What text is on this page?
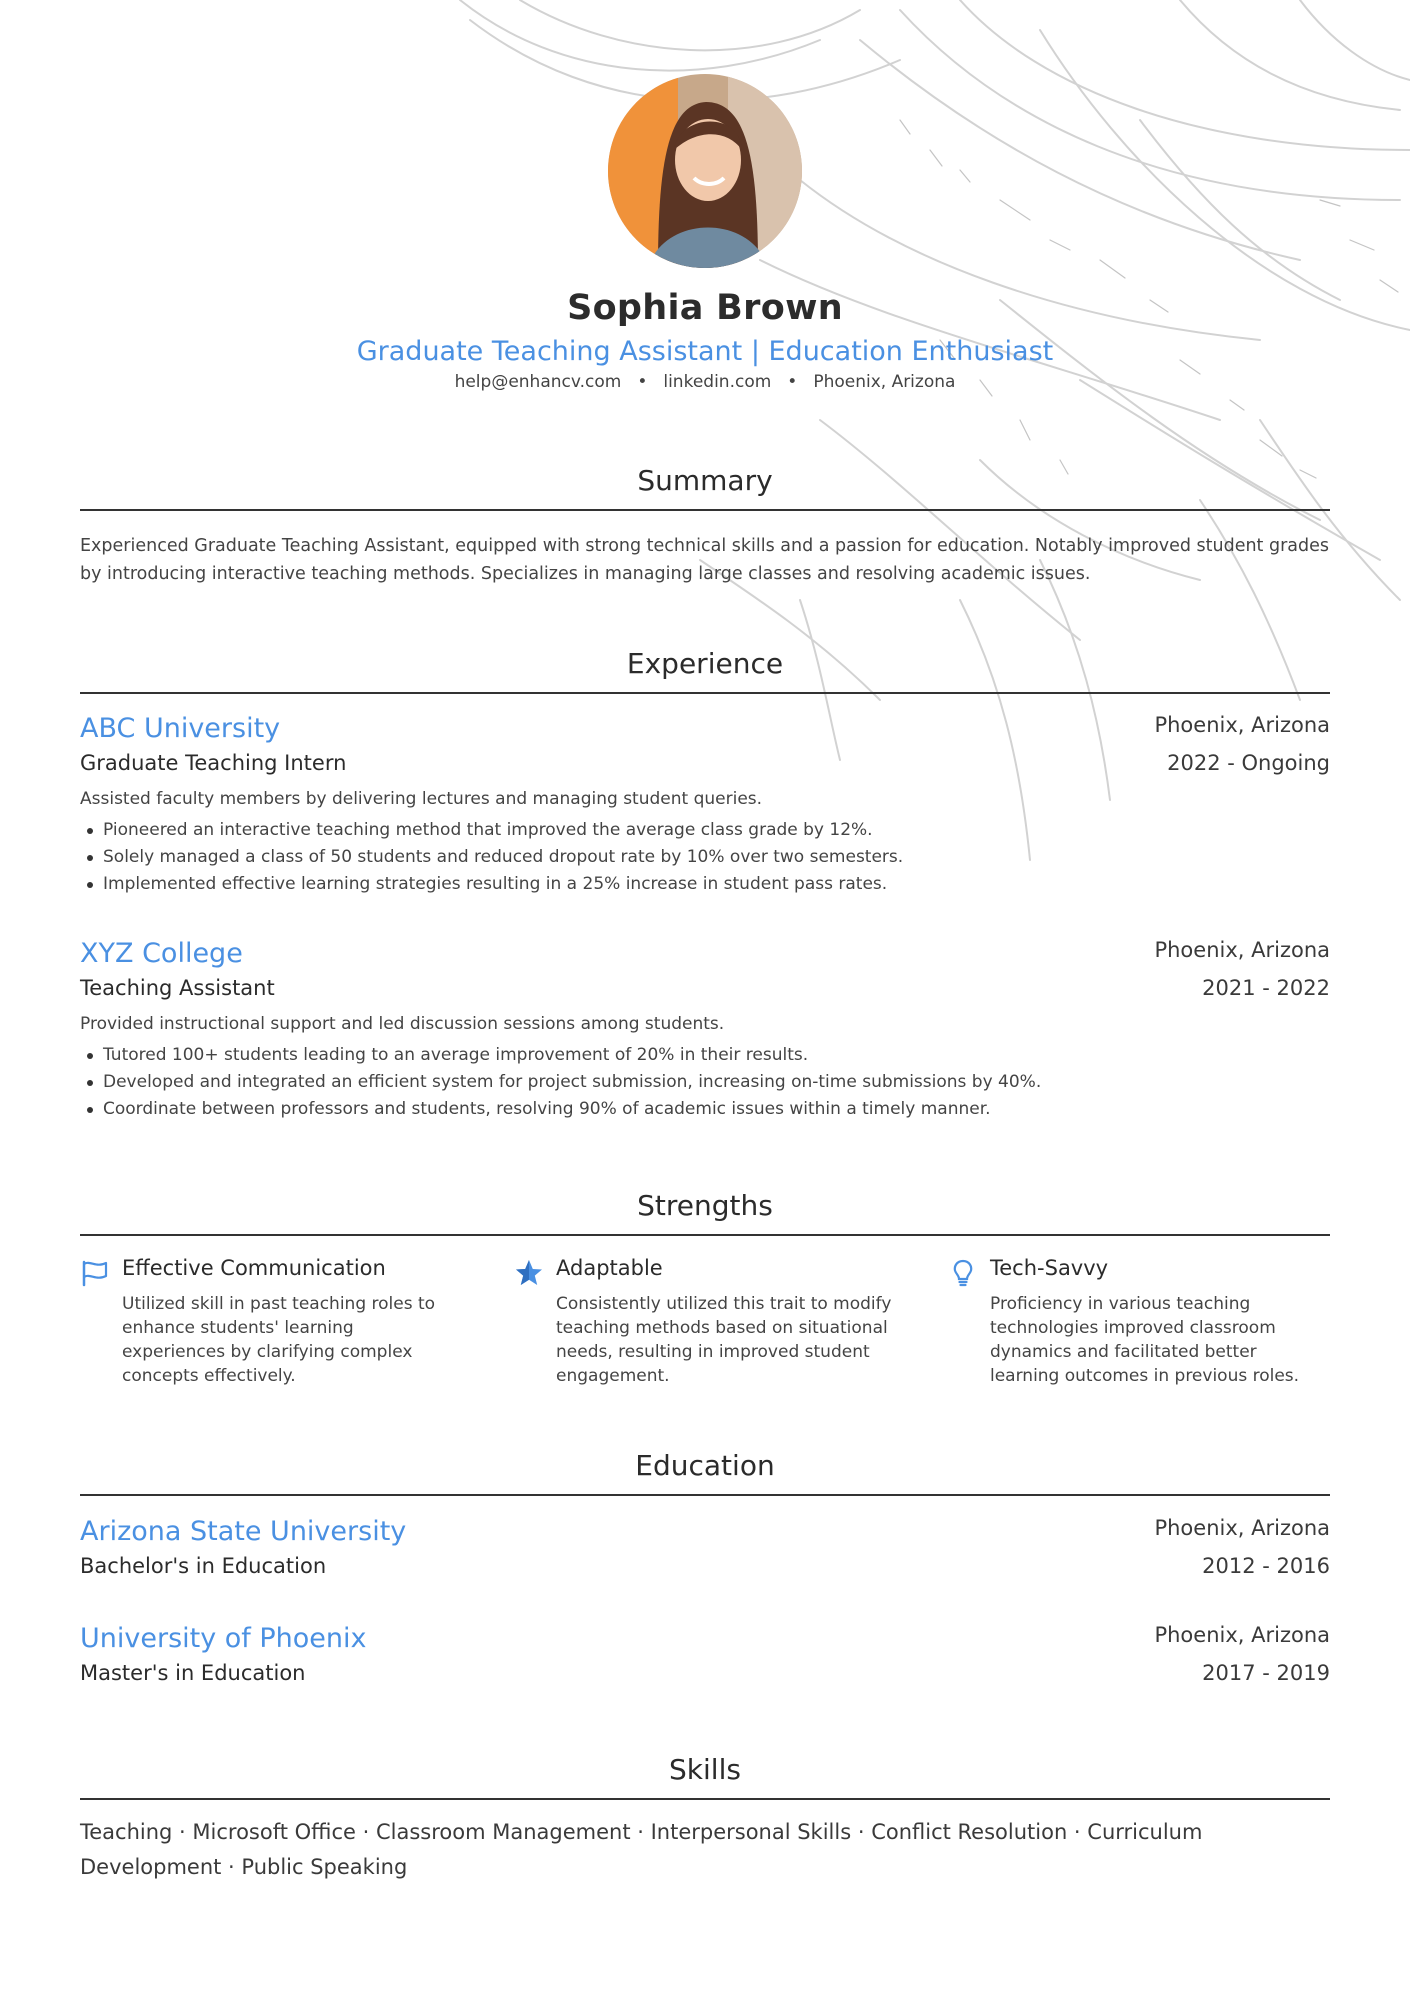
Sophia Brown
Graduate Teaching Assistant | Education Enthusiast
help@enhancv.com • linkedin.com • Phoenix, Arizona
Summary
Experienced Graduate Teaching Assistant, equipped with strong technical skills and a passion for education. Notably improved student grades by introducing interactive teaching methods. Specializes in managing large classes and resolving academic issues.
Experience
ABC University
Graduate Teaching Intern
Phoenix, Arizona
2022 - Ongoing
Assisted faculty members by delivering lectures and managing student queries.
Pioneered an interactive teaching method that improved the average class grade by 12%.
Solely managed a class of 50 students and reduced dropout rate by 10% over two semesters.
Implemented effective learning strategies resulting in a 25% increase in student pass rates.
XYZ College
Teaching Assistant
Phoenix, Arizona
2021 - 2022
Provided instructional support and led discussion sessions among students.
Tutored 100+ students leading to an average improvement of 20% in their results.
Developed and integrated an efficient system for project submission, increasing on-time submissions by 40%.
Coordinate between professors and students, resolving 90% of academic issues within a timely manner.
Strengths
Effective Communication
Utilized skill in past teaching roles to enhance students' learning experiences by clarifying complex concepts effectively.
Adaptable
Consistently utilized this trait to modify teaching methods based on situational needs, resulting in improved student engagement.
Tech-Savvy
Proficiency in various teaching technologies improved classroom dynamics and facilitated better learning outcomes in previous roles.
Education
Arizona State University
Bachelor's in Education
Phoenix, Arizona
2012 - 2016
University of Phoenix
Master's in Education
Phoenix, Arizona
2017 - 2019
Skills
Teaching · Microsoft Office · Classroom Management · Interpersonal Skills · Conflict Resolution · Curriculum Development · Public Speaking
